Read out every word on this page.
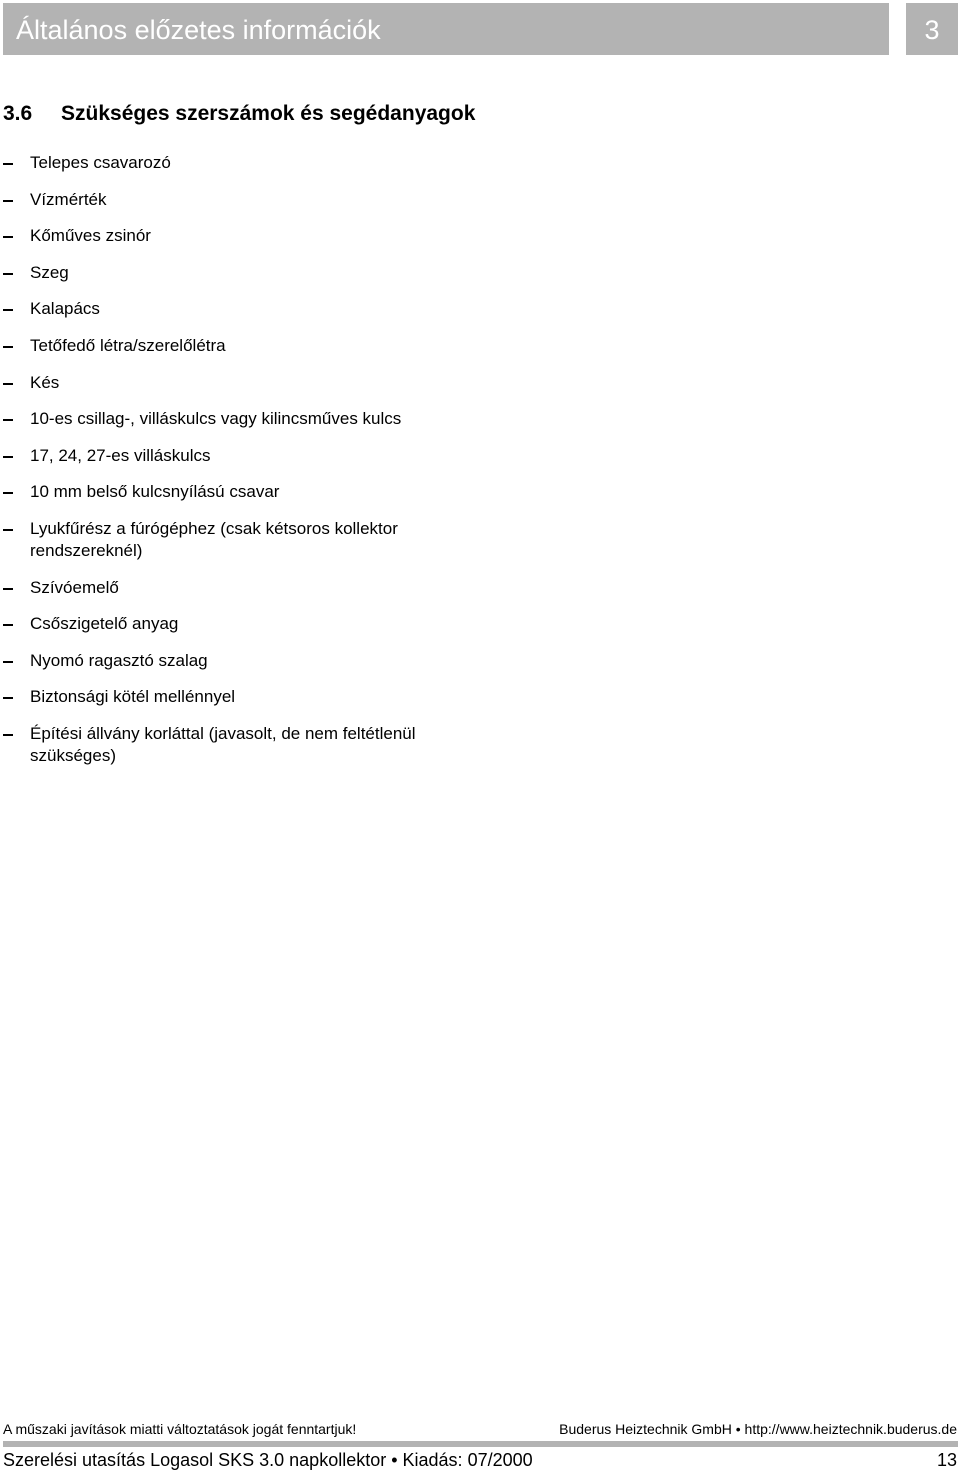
Általános előzetes információk	3
3.6 Szükséges szerszámok és segédanyagok
Telepes csavarozó
Vízmérték
Kőműves zsinór
Szeg
Kalapács
Tetőfedő létra/szerelőlétra
Kés
10-es csillag-, villáskulcs vagy kilincsműves kulcs
17, 24, 27-es villáskulcs
10 mm belső kulcsnyílású csavar
Lyukfűrész a fúrógéphez (csak kétsoros kollektor rendszereknél)
Szívóemelő
Csőszigetelő anyag
Nyomó ragasztó szalag
Biztonsági kötél mellénnyel
Építési állvány korláttal (javasolt, de nem feltétlenül szükséges)
A műszaki javítások miatti változtatások jogát fenntartjuk!	Buderus Heiztechnik GmbH • http://www.heiztechnik.buderus.de
Szerelési utasítás Logasol SKS 3.0 napkollektor • Kiadás: 07/2000	13
